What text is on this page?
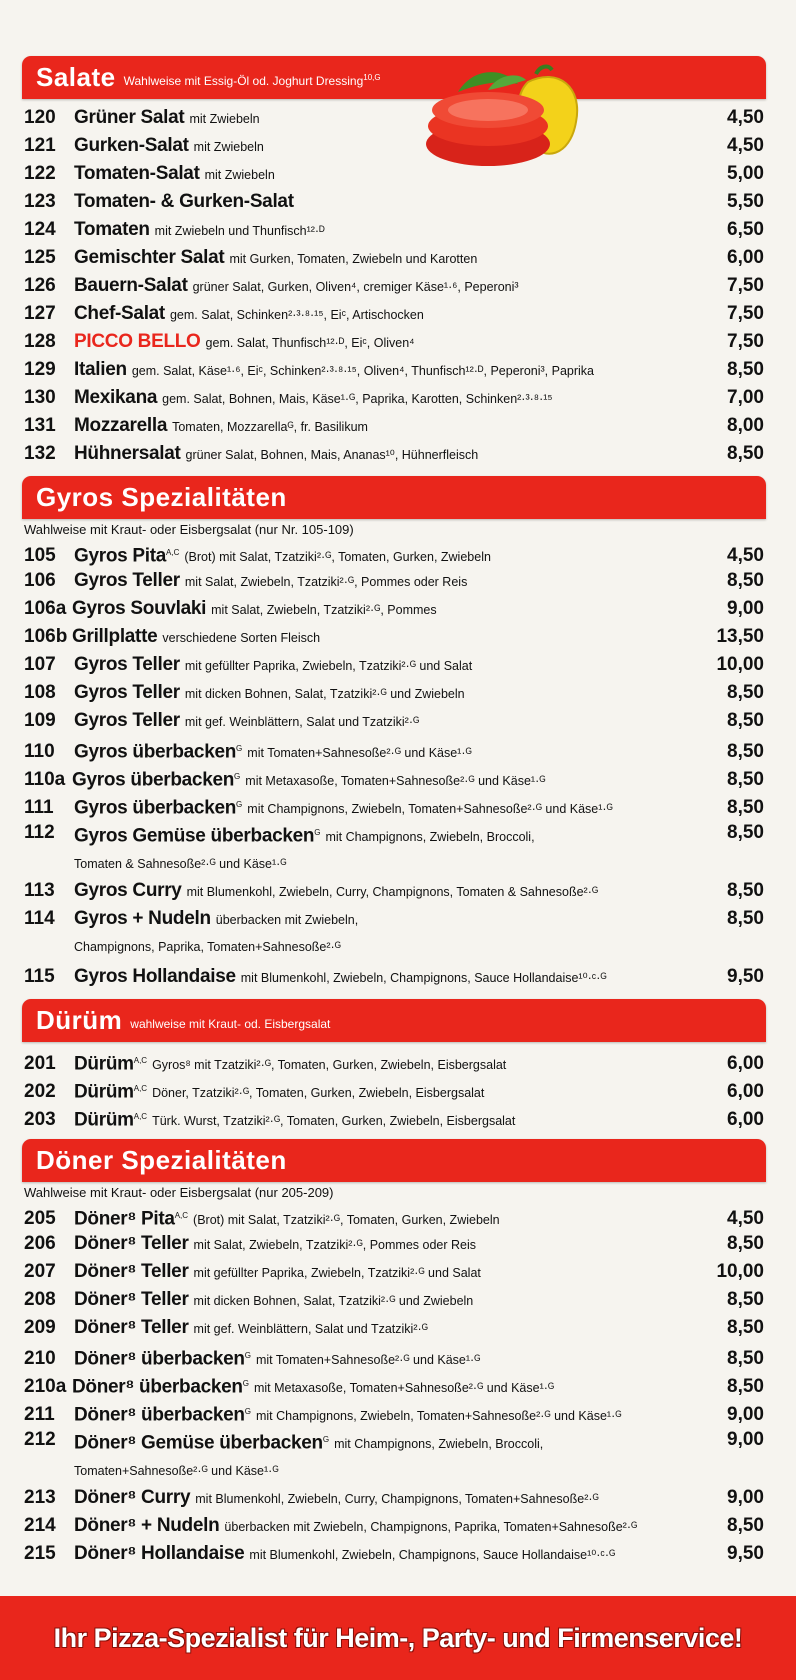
Salate Wahlweise mit Essig-Öl od. Joghurt Dressing$^{10,G}$
120 Grüner Salat mit Zwiebeln	4,50
121 Gurken-Salat mit Zwiebeln	4,50
122 Tomaten-Salat mit Zwiebeln	5,00
123 Tomaten- & Gurken-Salat	5,50
124 Tomaten mit Zwiebeln und Thunfisch¹²·ᴰ	6,50
125 Gemischter Salat mit Gurken, Tomaten, Zwiebeln und Karotten	6,00
126 Bauern-Salat grüner Salat, Gurken, Oliven⁴, cremiger Käse¹·⁶, Peperoni³	7,50
127 Chef-Salat gem. Salat, Schinken²·³·⁸·¹⁵, Eiᶜ, Artischocken	7,50
128 PICCO BELLO gem. Salat, Thunfisch¹²·ᴰ, Eiᶜ, Oliven⁴	7,50
129 Italien gem. Salat, Käse¹·⁶, Eiᶜ, Schinken²·³·⁸·¹⁵, Oliven⁴, Thunfisch¹²·ᴰ, Peperoni³, Paprika	8,50
130 Mexikana gem. Salat, Bohnen, Mais, Käse¹·ᴳ, Paprika, Karotten, Schinken²·³·⁸·¹⁵	7,00
131 Mozzarella Tomaten, Mozzarellaᴳ, fr. Basilikum	8,00
132 Hühnersalat grüner Salat, Bohnen, Mais, Ananas¹⁰, Hühnerfleisch	8,50
Gyros Spezialitäten
Wahlweise mit Kraut- oder Eisbergsalat (nur Nr. 105-109)
105 Gyros Pita$^{A,C}$ (Brot) mit Salat, Tzatziki²·ᴳ, Tomaten, Gurken, Zwiebeln	4,50
106 Gyros Teller mit Salat, Zwiebeln, Tzatziki²·ᴳ, Pommes oder Reis	8,50
106a Gyros Souvlaki mit Salat, Zwiebeln, Tzatziki²·ᴳ, Pommes	9,00
106b Grillplatte verschiedene Sorten Fleisch	13,50
107 Gyros Teller mit gefüllter Paprika, Zwiebeln, Tzatziki²·ᴳ und Salat	10,00
108 Gyros Teller mit dicken Bohnen, Salat, Tzatziki²·ᴳ und Zwiebeln	8,50
109 Gyros Teller mit gef. Weinblättern, Salat und Tzatziki²·ᴳ	8,50
110	Gyros überbacken$^G$ mit Tomaten+Sahnesoße²·ᴳ und Käse¹·ᴳ	8,50
110a Gyros überbacken$^G$ mit Metaxasoße, Tomaten+Sahnesoße²·ᴳ und Käse¹·ᴳ	8,50
111	Gyros überbacken$^G$ mit Champignons, Zwiebeln, Tomaten+Sahnesoße²·ᴳ und Käse¹·ᴳ	8,50
112	Gyros Gemüse überbacken$^G$ mit Champignons, Zwiebeln, Broccoli,
Tomaten & Sahnesoße²·ᴳ und Käse¹·ᴳ
8,50
113	Gyros Curry mit Blumenkohl, Zwiebeln, Curry, Champignons, Tomaten & Sahnesoße²·ᴳ	8,50
114	Gyros + Nudeln überbacken mit Zwiebeln,
Champignons, Paprika, Tomaten+Sahnesoße²·ᴳ
8,50
115	Gyros Hollandaise mit Blumenkohl, Zwiebeln, Champignons, Sauce Hollandaise¹⁰·ᶜ·ᴳ	9,50
Dürüm wahlweise mit Kraut- od. Eisbergsalat
201 Dürüm$^{A,C}$ Gyros⁸ mit Tzatziki²·ᴳ, Tomaten, Gurken, Zwiebeln, Eisbergsalat	6,00
202 Dürüm$^{A,C}$ Döner, Tzatziki²·ᴳ, Tomaten, Gurken, Zwiebeln, Eisbergsalat	6,00
203 Dürüm$^{A,C}$ Türk. Wurst, Tzatziki²·ᴳ, Tomaten, Gurken, Zwiebeln, Eisbergsalat	6,00
Döner Spezialitäten
Wahlweise mit Kraut- oder Eisbergsalat (nur 205-209)
205 Döner⁸ Pita$^{A,C}$ (Brot) mit Salat, Tzatziki²·ᴳ, Tomaten, Gurken, Zwiebeln	4,50
206 Döner⁸ Teller mit Salat, Zwiebeln, Tzatziki²·ᴳ, Pommes oder Reis	8,50
207 Döner⁸ Teller mit gefüllter Paprika, Zwiebeln, Tzatziki²·ᴳ und Salat	10,00
208 Döner⁸ Teller mit dicken Bohnen, Salat, Tzatziki²·ᴳ und Zwiebeln	8,50
209 Döner⁸ Teller mit gef. Weinblättern, Salat und Tzatziki²·ᴳ	8,50
210 Döner⁸ überbacken$^G$ mit Tomaten+Sahnesoße²·ᴳ und Käse¹·ᴳ	8,50
210a Döner⁸ überbacken$^G$ mit Metaxasoße, Tomaten+Sahnesoße²·ᴳ und Käse¹·ᴳ	8,50
211	Döner⁸ überbacken$^G$ mit Champignons, Zwiebeln, Tomaten+Sahnesoße²·ᴳ und Käse¹·ᴳ	9,00
212 Döner⁸ Gemüse überbacken$^G$ mit Champignons, Zwiebeln, Broccoli,
Tomaten+Sahnesoße²·ᴳ und Käse¹·ᴳ
9,00
213 Döner⁸ Curry mit Blumenkohl, Zwiebeln, Curry, Champignons, Tomaten+Sahnesoße²·ᴳ	9,00
214 Döner⁸ + Nudeln überbacken mit Zwiebeln, Champignons, Paprika, Tomaten+Sahnesoße²·ᴳ	8,50
215 Döner⁸ Hollandaise mit Blumenkohl, Zwiebeln, Champignons, Sauce Hollandaise¹⁰·ᶜ·ᴳ	9,50
Ihr Pizza-Spezialist für Heim-, Party- und Firmenservice!
